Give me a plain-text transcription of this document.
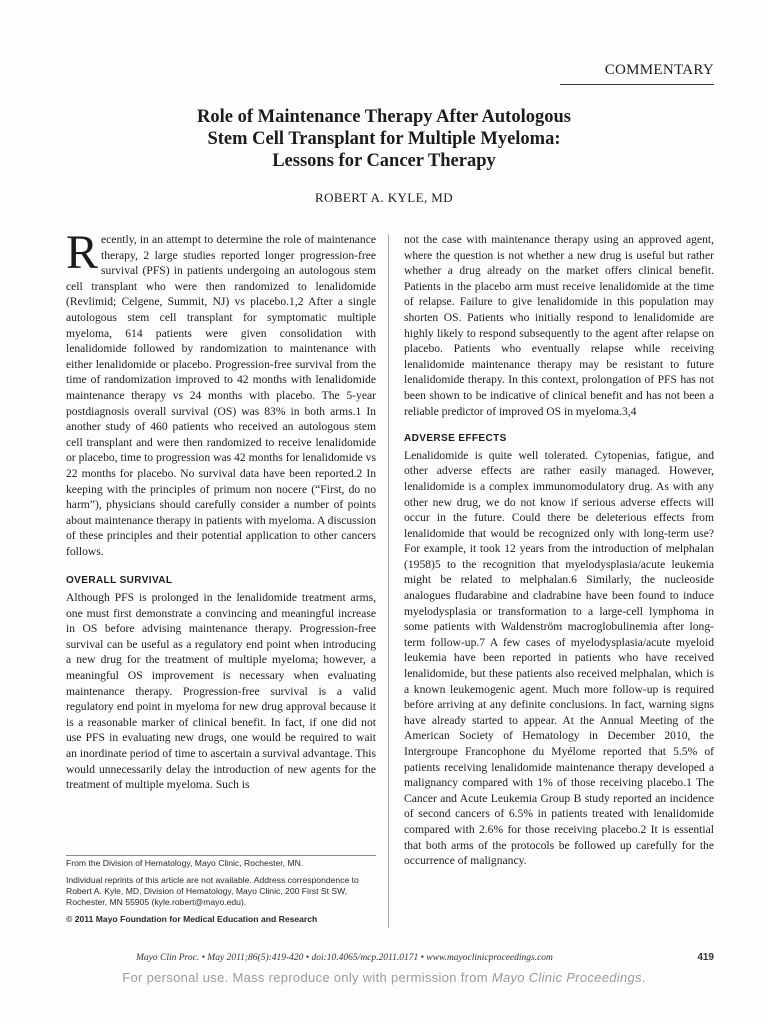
COMMENTARY
Role of Maintenance Therapy After Autologous
Stem Cell Transplant for Multiple Myeloma:
Lessons for Cancer Therapy
ROBERT A. KYLE, MD

Recently, in an attempt to determine the role of maintenance therapy, 2 large studies reported longer progression-free survival (PFS) in patients undergoing an autologous stem cell transplant who were then randomized to lenalidomide (Revlimid; Celgene, Summit, NJ) vs placebo.1,2 After a single autologous stem cell transplant for symptomatic multiple myeloma, 614 patients were given consolidation with lenalidomide followed by randomization to maintenance with either lenalidomide or placebo. Progression-free survival from the time of randomization improved to 42 months with lenalidomide maintenance therapy vs 24 months with placebo. The 5-year postdiagnosis overall survival (OS) was 83% in both arms.1 In another study of 460 patients who received an autologous stem cell transplant and were then randomized to receive lenalidomide or placebo, time to progression was 42 months for lenalidomide vs 22 months for placebo. No survival data have been reported.2 In keeping with the principles of primum non nocere (“First, do no harm”), physicians should carefully consider a number of points about maintenance therapy in patients with myeloma. A discussion of these principles and their potential application to other cancers follows.

OVERALL SURVIVAL

Although PFS is prolonged in the lenalidomide treatment arms, one must first demonstrate a convincing and meaningful increase in OS before advising maintenance therapy. Progression-free survival can be useful as a regulatory end point when introducing a new drug for the treatment of multiple myeloma; however, a meaningful OS improvement is necessary when evaluating maintenance therapy. Progression-free survival is a valid regulatory end point in myeloma for new drug approval because it is a reasonable marker of clinical benefit. In fact, if one did not use PFS in evaluating new drugs, one would be required to wait an inordinate period of time to ascertain a survival advantage. This would unnecessarily delay the introduction of new agents for the treatment of multiple myeloma. Such is

not the case with maintenance therapy using an approved agent, where the question is not whether a new drug is useful but rather whether a drug already on the market offers clinical benefit. Patients in the placebo arm must receive lenalidomide at the time of relapse. Failure to give lenalidomide in this population may shorten OS. Patients who initially respond to lenalidomide are highly likely to respond subsequently to the agent after relapse on placebo. Patients who eventually relapse while receiving lenalidomide maintenance therapy may be resistant to future lenalidomide therapy. In this context, prolongation of PFS has not been shown to be indicative of clinical benefit and has not been a reliable predictor of improved OS in myeloma.3,4

ADVERSE EFFECTS

Lenalidomide is quite well tolerated. Cytopenias, fatigue, and other adverse effects are rather easily managed. However, lenalidomide is a complex immunomodulatory drug. As with any other new drug, we do not know if serious adverse effects will occur in the future. Could there be deleterious effects from lenalidomide that would be recognized only with long-term use? For example, it took 12 years from the introduction of melphalan (1958)5 to the recognition that myelodysplasia/acute leukemia might be related to melphalan.6 Similarly, the nucleoside analogues fludarabine and cladrabine have been found to induce myelodysplasia or transformation to a large-cell lymphoma in some patients with Waldenström macroglobulinemia after long-term follow-up.7 A few cases of myelodysplasia/acute myeloid leukemia have been reported in patients who have received lenalidomide, but these patients also received melphalan, which is a known leukemogenic agent. Much more follow-up is required before arriving at any definite conclusions. In fact, warning signs have already started to appear. At the Annual Meeting of the American Society of Hematology in December 2010, the Intergroupe Francophone du Myélome reported that 5.5% of patients receiving lenalidomide maintenance therapy developed a malignancy compared with 1% of those receiving placebo.1 The Cancer and Acute Leukemia Group B study reported an incidence of second cancers of 6.5% in patients treated with lenalidomide compared with 2.6% for those receiving placebo.2 It is essential that both arms of the protocols be followed up carefully for the occurrence of malignancy.

From the Division of Hematology, Mayo Clinic, Rochester, MN.

Individual reprints of this article are not available. Address correspondence to Robert A. Kyle, MD, Division of Hematology, Mayo Clinic, 200 First St SW, Rochester, MN 55905 (kyle.robert@mayo.edu).

© 2011 Mayo Foundation for Medical Education and Research

Mayo Clin Proc. • May 2011;86(5):419-420 • doi:10.4065/mcp.2011.0171 • www.mayoclinicproceedings.com	419
For personal use. Mass reproduce only with permission from Mayo Clinic Proceedings.
